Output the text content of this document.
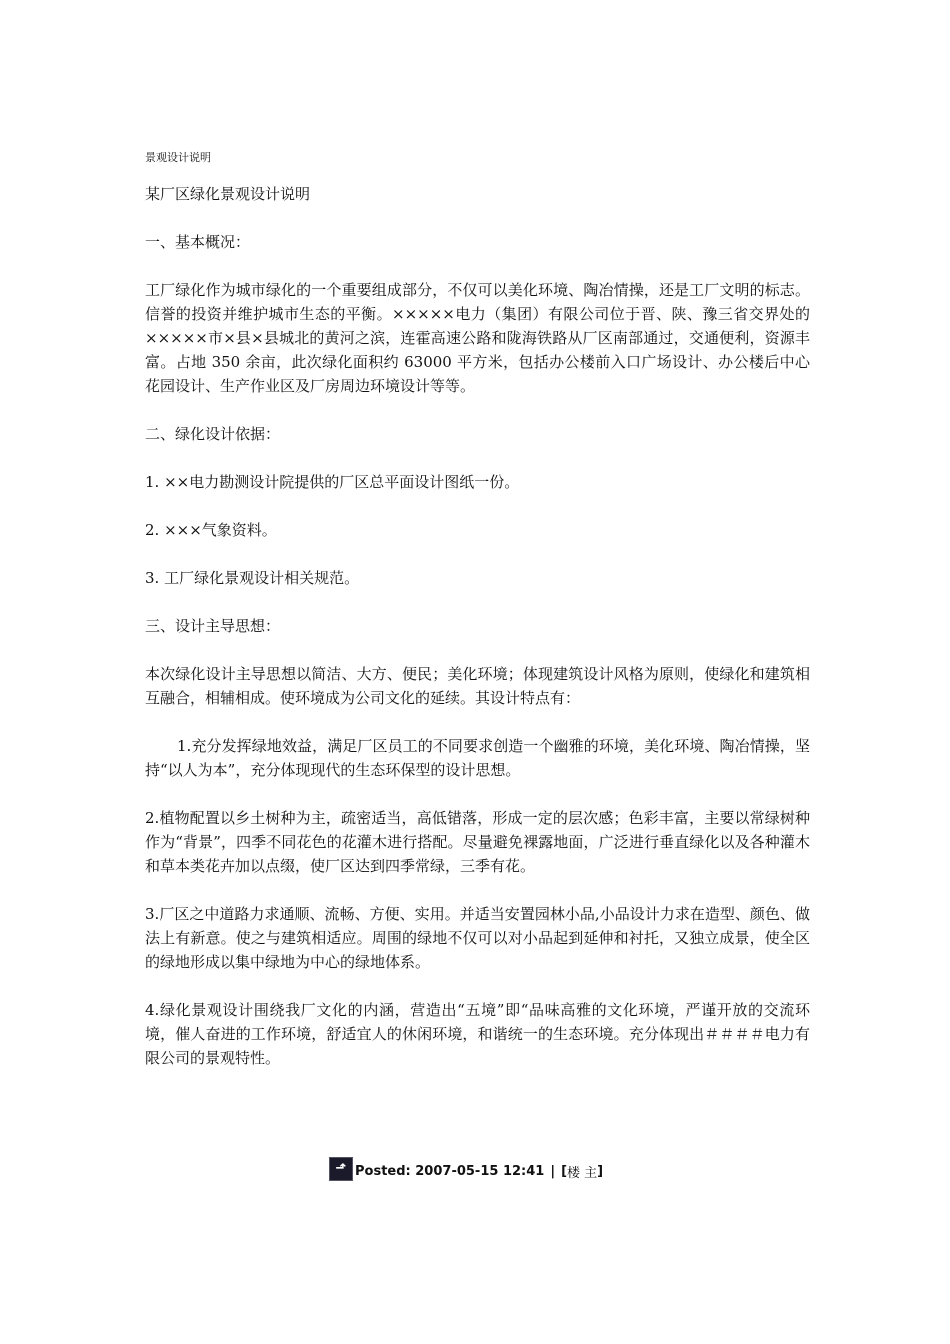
景观设计说明
某厂区绿化景观设计说明
一、基本概况：
工厂绿化作为城市绿化的一个重要组成部分，不仅可以美化环境、陶冶情操，还是工厂文明的标志。信誉的投资并维护城市生态的平衡。×××××电力（集团）有限公司位于晋、陕、豫三省交界处的×××××市×县×县城北的黄河之滨，连霍高速公路和陇海铁路从厂区南部通过，交通便利，资源丰富。占地 350 余亩，此次绿化面积约 63000 平方米，包括办公楼前入口广场设计、办公楼后中心花园设计、生产作业区及厂房周边环境设计等等。
二、绿化设计依据：
1. ××电力勘测设计院提供的厂区总平面设计图纸一份。
2. ×××气象资料。
3. 工厂绿化景观设计相关规范。
三、设计主导思想：
本次绿化设计主导思想以简洁、大方、便民；美化环境；体现建筑设计风格为原则，使绿化和建筑相互融合，相辅相成。使环境成为公司文化的延续。其设计特点有：
1.充分发挥绿地效益，满足厂区员工的不同要求创造一个幽雅的环境，美化环境、陶冶情操，坚持“以人为本”，充分体现现代的生态环保型的设计思想。
2.植物配置以乡土树种为主，疏密适当，高低错落，形成一定的层次感；色彩丰富，主要以常绿树种作为“背景”，四季不同花色的花灌木进行搭配。尽量避免裸露地面，广泛进行垂直绿化以及各种灌木和草本类花卉加以点缀，使厂区达到四季常绿，三季有花。
3.厂区之中道路力求通顺、流畅、方便、实用。并适当安置园林小品,小品设计力求在造型、颜色、做法上有新意。使之与建筑相适应。周围的绿地不仅可以对小品起到延伸和衬托，又独立成景，使全区的绿地形成以集中绿地为中心的绿地体系。
4.绿化景观设计围绕我厂文化的内涵，营造出“五境”即“品味高雅的文化环境，严谨开放的交流环境，催人奋进的工作环境，舒适宜人的休闲环境，和谐统一的生态环境。充分体现出＃＃＃＃电力有限公司的景观特性。
⬏ Posted: 2007-05-15 12:41 | [ 楼 主 ]
